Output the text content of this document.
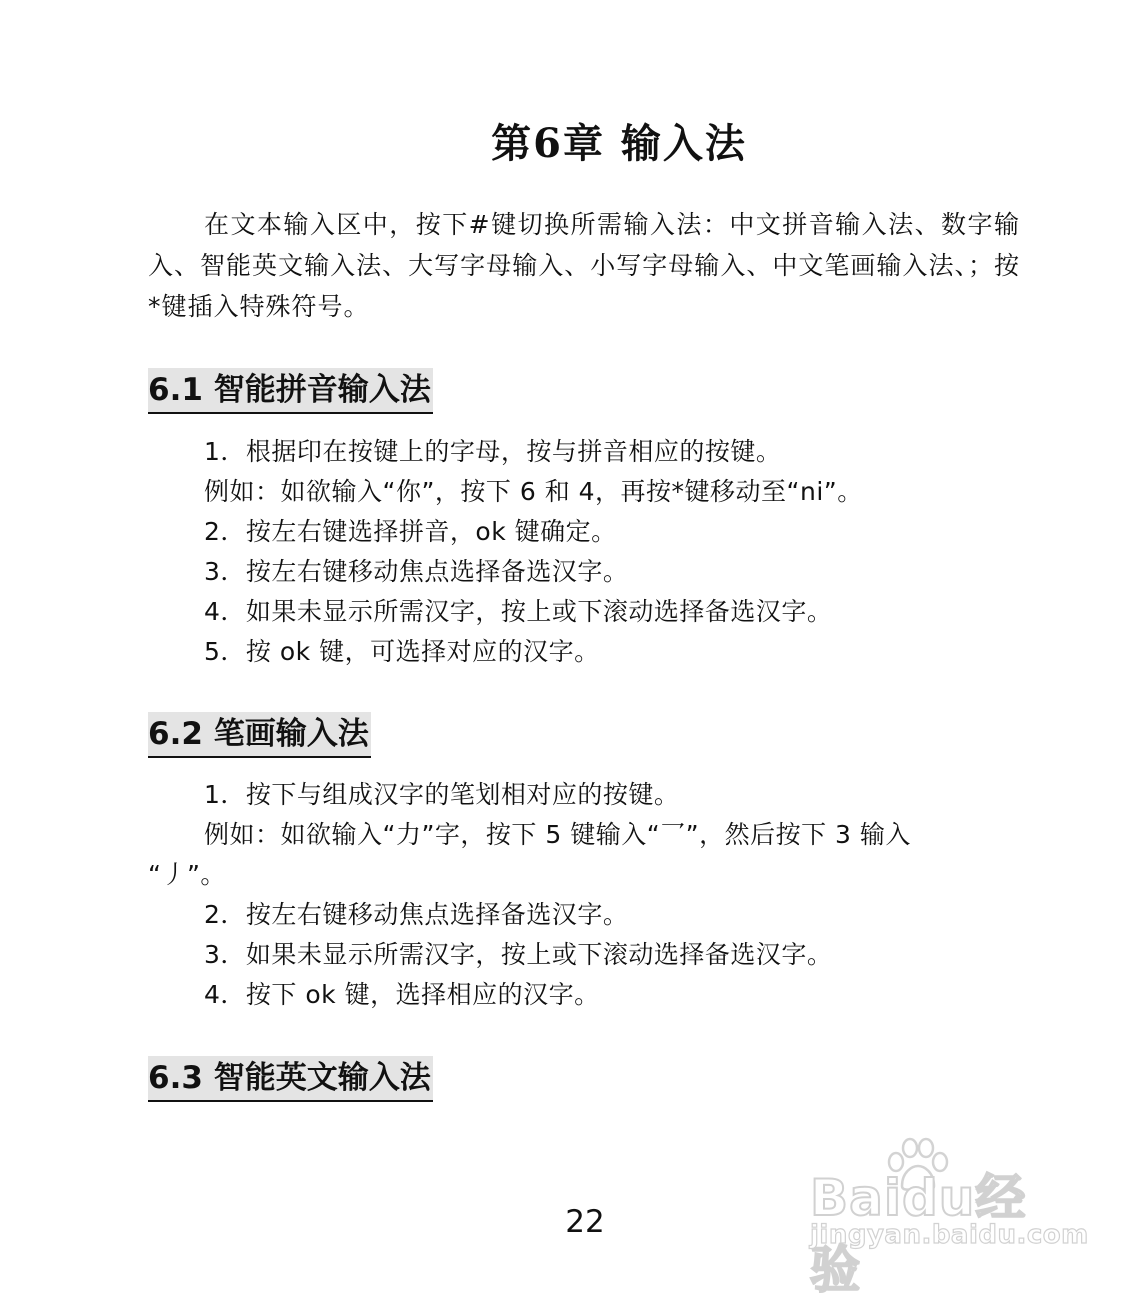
第6章 输入法

在文本输入区中，按下#键切换所需输入法：中文拼音输入法、数字输入、智能英文输入法、大写字母输入、小写字母输入、中文笔画输入法、；按*键插入特殊符号。

6.1 智能拼音输入法
1．根据印在按键上的字母，按与拼音相应的按键。
例如：如欲输入“你”，按下 6 和 4，再按*键移动至“ni”。
2．按左右键选择拼音，ok 键确定。
3．按左右键移动焦点选择备选汉字。
4．如果未显示所需汉字，按上或下滚动选择备选汉字。
5．按 ok 键，可选择对应的汉字。
6.2 笔画输入法
1．按下与组成汉字的笔划相对应的按键。
例如：如欲输入“力”字，按下 5 键输入“乛”，然后按下 3 输入
“丿”。
2．按左右键移动焦点选择备选汉字。
3．如果未显示所需汉字，按上或下滚动选择备选汉字。
4．按下 ok 键，选择相应的汉字。
6.3 智能英文输入法
22	Baidu经验
jingyan.baidu.com
